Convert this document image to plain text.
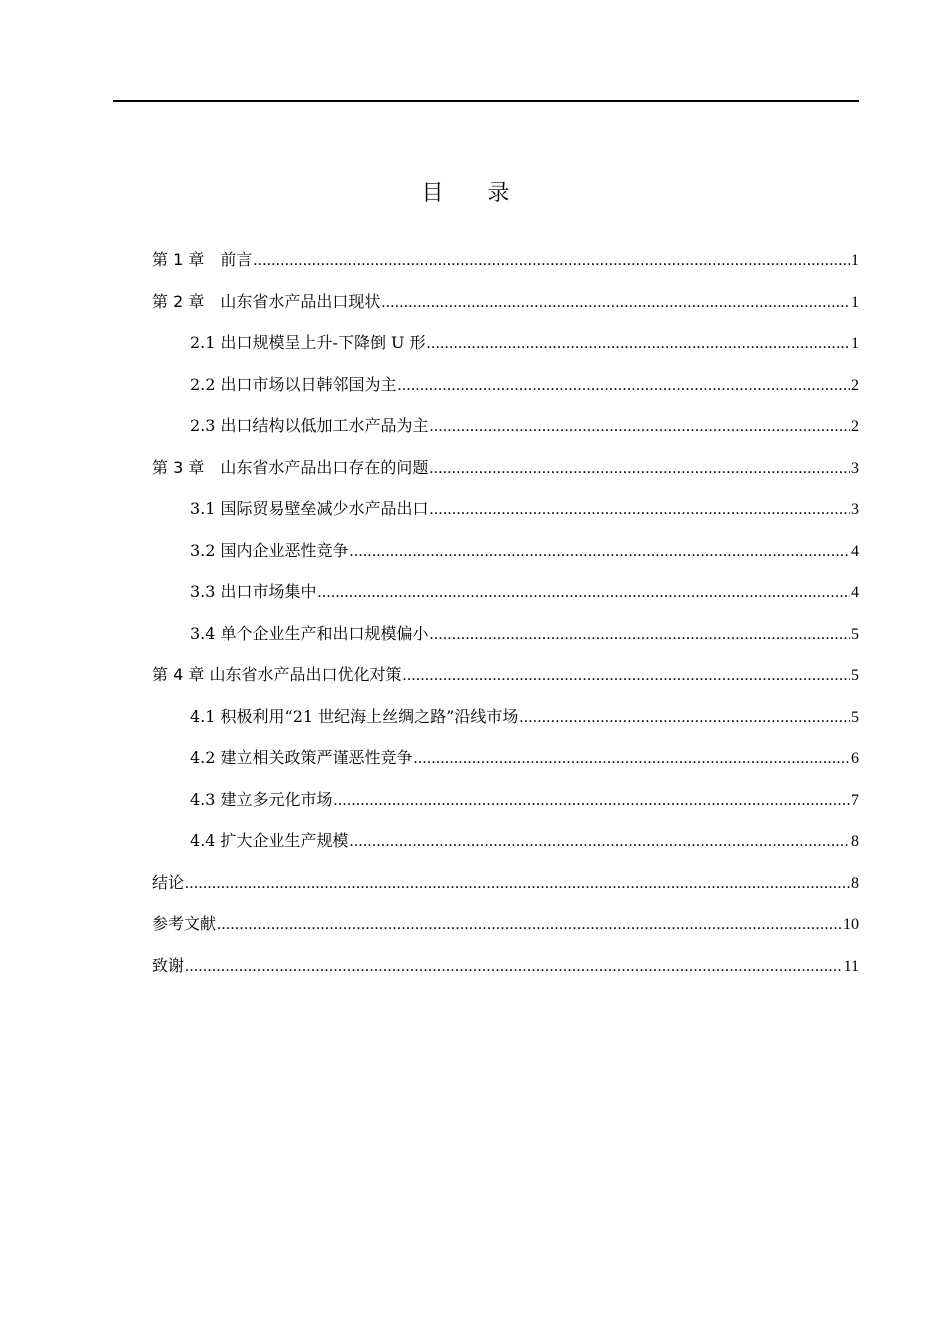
目录
第 1 章　前言 .....	1
第 2 章　山东省水产品出口现状 .....	1
2.1 出口规模呈上升-下降倒 U 形 .....	1
2.2 出口市场以日韩邻国为主 .....	2
2.3 出口结构以低加工水产品为主 .....	2
第 3 章　山东省水产品出口存在的问题 .....	3
3.1 国际贸易壁垒减少水产品出口 .....	3
3.2 国内企业恶性竞争 .....	4
3.3 出口市场集中 .....	4
3.4 单个企业生产和出口规模偏小 .....	5
第 4 章 山东省水产品出口优化对策 .....	5
4.1 积极利用“21 世纪海上丝绸之路”沿线市场 .....	5
4.2 建立相关政策严谨恶性竞争 .....	6
4.3 建立多元化市场 .....	7
4.4 扩大企业生产规模 .....	8
结论 .....	8
参考文献 .....	10
致谢 .....	11
